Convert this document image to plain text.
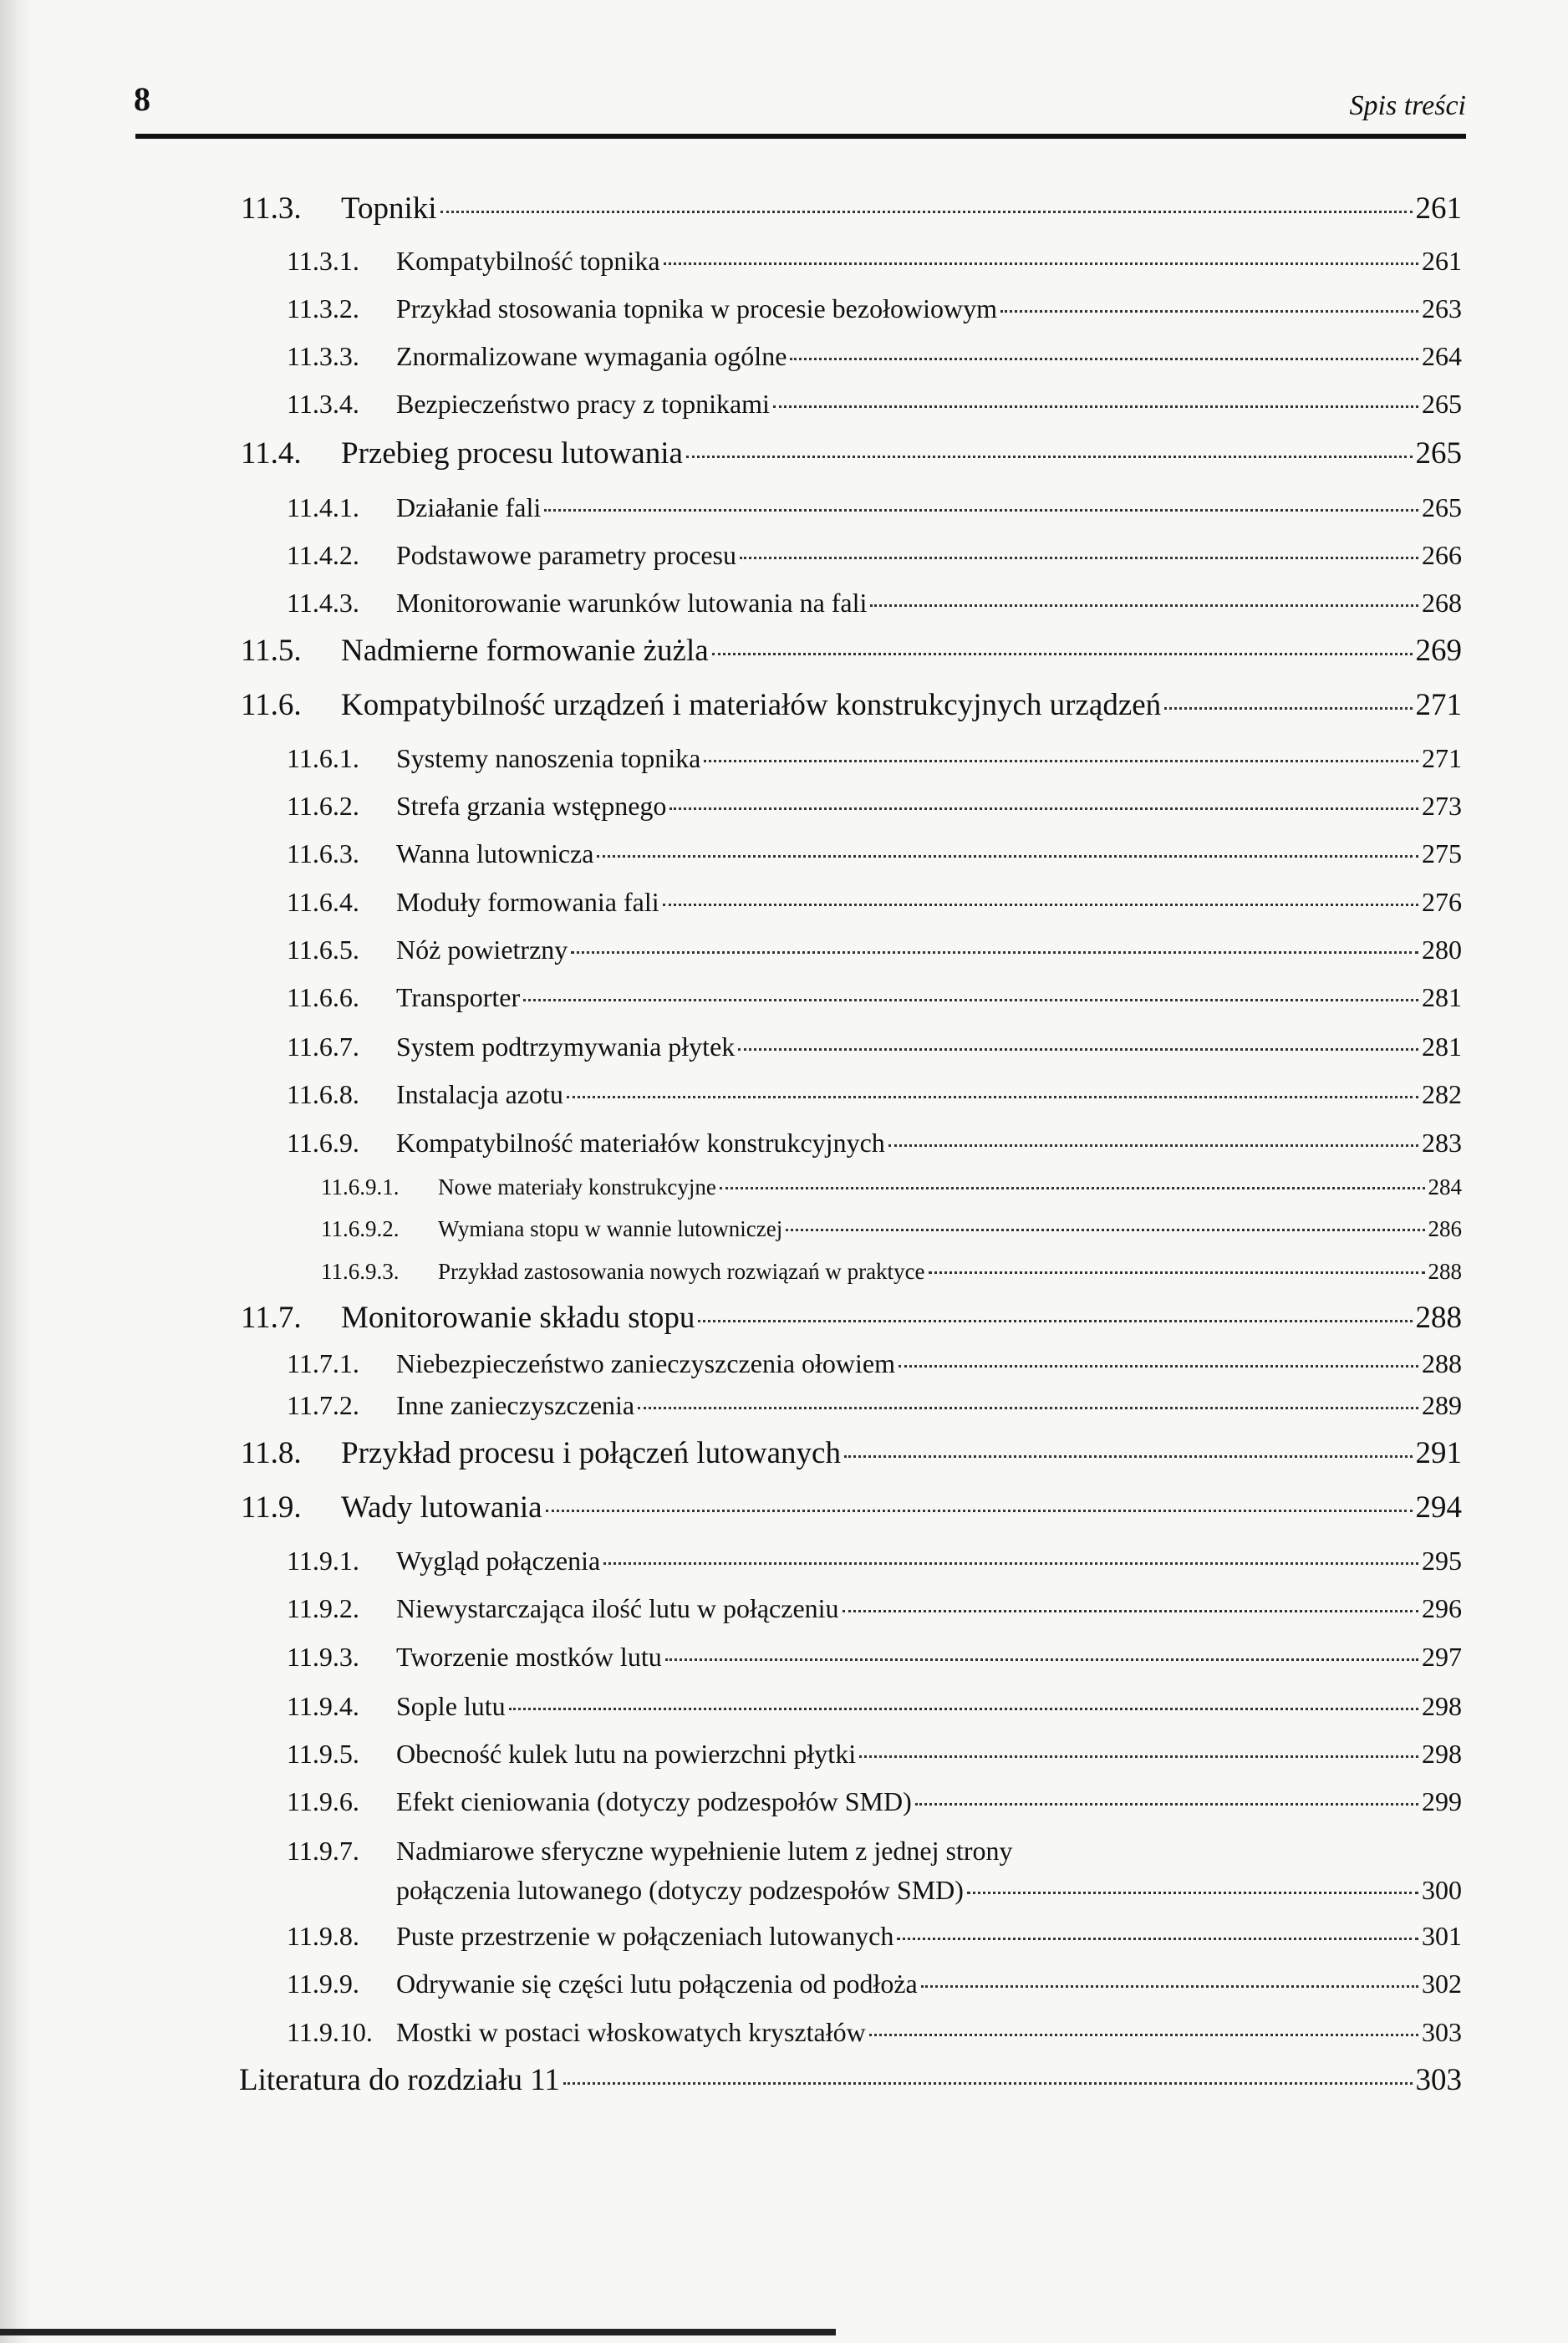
8	Spis treści
11.3.	Topniki	261
11.3.1.	Kompatybilność topnika	261
11.3.2.	Przykład stosowania topnika w procesie bezołowiowym	263
11.3.3.	Znormalizowane wymagania ogólne	264
11.3.4.	Bezpieczeństwo pracy z topnikami	265
11.4.	Przebieg procesu lutowania	265
11.4.1.	Działanie fali	265
11.4.2.	Podstawowe parametry procesu	266
11.4.3.	Monitorowanie warunków lutowania na fali	268
11.5.	Nadmierne formowanie żużla	269
11.6.	Kompatybilność urządzeń i materiałów konstrukcyjnych urządzeń	271
11.6.1.	Systemy nanoszenia topnika	271
11.6.2.	Strefa grzania wstępnego	273
11.6.3.	Wanna lutownicza	275
11.6.4.	Moduły formowania fali	276
11.6.5.	Nóż powietrzny	280
11.6.6.	Transporter	281
11.6.7.	System podtrzymywania płytek	281
11.6.8.	Instalacja azotu	282
11.6.9.	Kompatybilność materiałów konstrukcyjnych	283
11.6.9.1.	Nowe materiały konstrukcyjne	284
11.6.9.2.	Wymiana stopu w wannie lutowniczej	286
11.6.9.3.	Przykład zastosowania nowych rozwiązań w praktyce	288
11.7.	Monitorowanie składu stopu	288
11.7.1.	Niebezpieczeństwo zanieczyszczenia ołowiem	288
11.7.2.	Inne zanieczyszczenia	289
11.8.	Przykład procesu i połączeń lutowanych	291
11.9.	Wady lutowania	294
11.9.1.	Wygląd połączenia	295
11.9.2.	Niewystarczająca ilość lutu w połączeniu	296
11.9.3.	Tworzenie mostków lutu	297
11.9.4.	Sople lutu	298
11.9.5.	Obecność kulek lutu na powierzchni płytki	298
11.9.6.	Efekt cieniowania (dotyczy podzespołów SMD)	299
11.9.7.	Nadmiarowe sferyczne wypełnienie lutem z jednej strony
połączenia lutowanego (dotyczy podzespołów SMD)	300
11.9.8.	Puste przestrzenie w połączeniach lutowanych	301
11.9.9.	Odrywanie się części lutu połączenia od podłoża	302
11.9.10. Mostki w postaci włoskowatych kryształów	303
Literatura do rozdziału 11	303
